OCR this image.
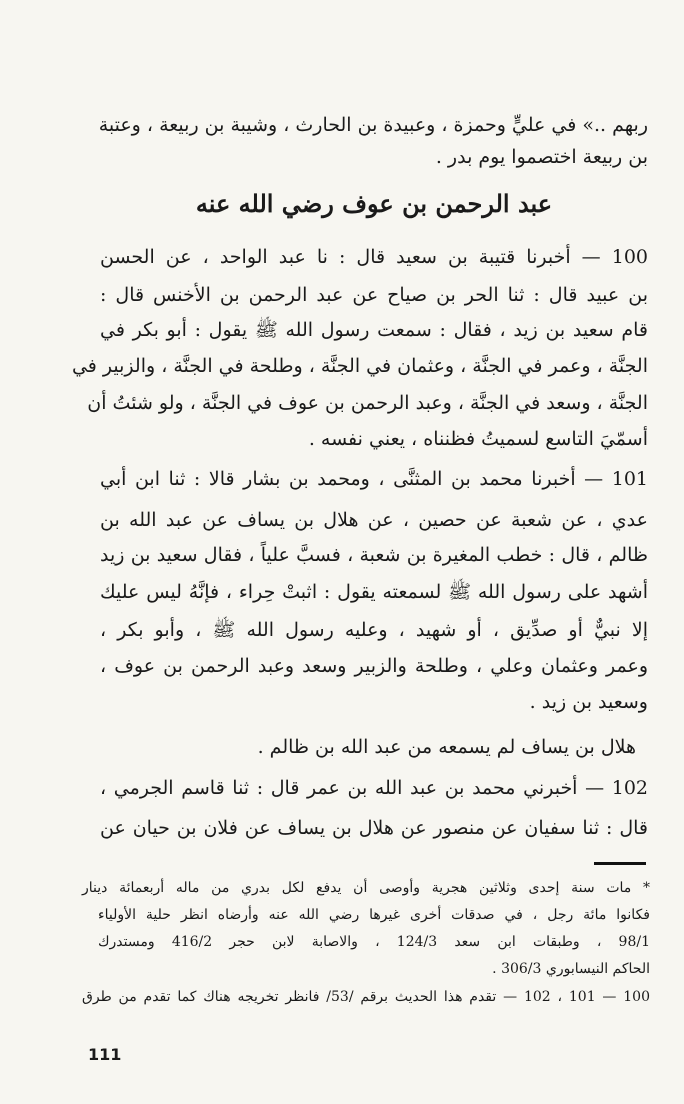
ربهم ..» في عليٍّ وحمزة ، وعبيدة بن الحارث ، وشيبة بن ربيعة ، وعتبة
بن ربيعة اختصموا يوم بدر .
عبد الرحمن بن عوف رضي الله عنه
100 — أخبرنا قتيبة بن سعيد قال : نا عبد الواحد ، عن الحسن
بن عبيد قال : ثنا الحر بن صياح عن عبد الرحمن بن الأخنس قال :
قام سعيد بن زيد ، فقال : سمعت رسول الله ﷺ يقول : أبو بكر في
الجنَّة ، وعمر في الجنَّة ، وعثمان في الجنَّة ، وطلحة في الجنَّة ، والزبير في
الجنَّة ، وسعد في الجنَّة ، وعبد الرحمن بن عوف في الجنَّة ، ولو شئتُ أن
أسمّيَ التاسع لسميتُ فظنناه ، يعني نفسه .
101 — أخبرنا محمد بن المثنَّى ، ومحمد بن بشار قالا : ثنا ابن أبي
عدي ، عن شعبة عن حصين ، عن هلال بن يساف عن عبد الله بن
ظالم ، قال : خطب المغيرة بن شعبة ، فسبَّ علياً ، فقال سعيد بن زيد
أشهد على رسول الله ﷺ لسمعته يقول : اثبتْ حِراء ، فإنَّهُ ليس عليك
إلا نبيٌّ أو صدِّيق ، أو شهيد ، وعليه رسول الله ﷺ ، وأبو بكر ،
وعمر وعثمان وعلي ، وطلحة والزبير وسعد وعبد الرحمن بن عوف ،
وسعيد بن زيد .
هلال بن يساف لم يسمعه من عبد الله بن ظالم .
102 — أخبرني محمد بن عبد الله بن عمر قال : ثنا قاسم الجرمي ،
قال : ثنا سفيان عن منصور عن هلال بن يساف عن فلان بن حيان عن
* مات سنة إحدى وثلاثين هجرية وأوصى أن يدفع لكل بدري من ماله أربعمائة دينار
فكانوا مائة رجل ، في صدقات أخرى غيرها رضي الله عنه وأرضاه انظر حلية الأولياء
98/1 ، وطبقات ابن سعد 124/3 ، والاصابة لابن حجر 416/2 ومستدرك
الحاكم النيسابوري 306/3 .
100 — 101 ، 102 — تقدم هذا الحديث برقم /53/ فانظر تخريجه هناك كما تقدم من طرق
111
